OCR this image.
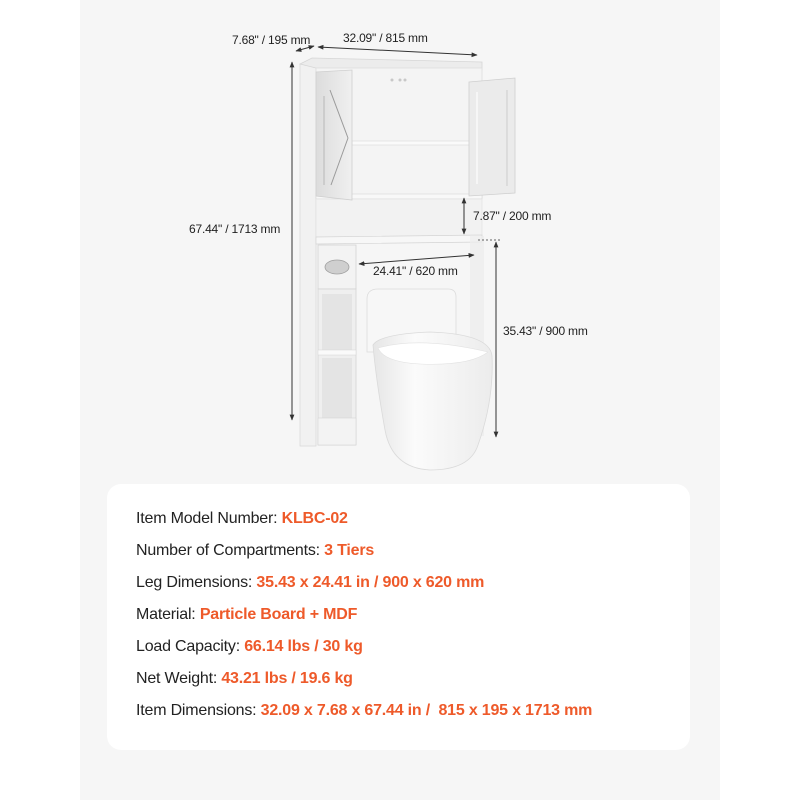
7.68" / 195 mm	32.09" / 815 mm
67.44" / 1713 mm
7.87" / 200 mm
24.41" / 620 mm
35.43" / 900 mm
Item Model Number: KLBC-02
Number of Compartments: 3 Tiers
Leg Dimensions: 35.43 x 24.41 in / 900 x 620 mm
Material: Particle Board + MDF
Load Capacity: 66.14 lbs / 30 kg
Net Weight: 43.21 lbs / 19.6 kg
Item Dimensions: 32.09 x 7.68 x 67.44 in /  815 x 195 x 1713 mm
